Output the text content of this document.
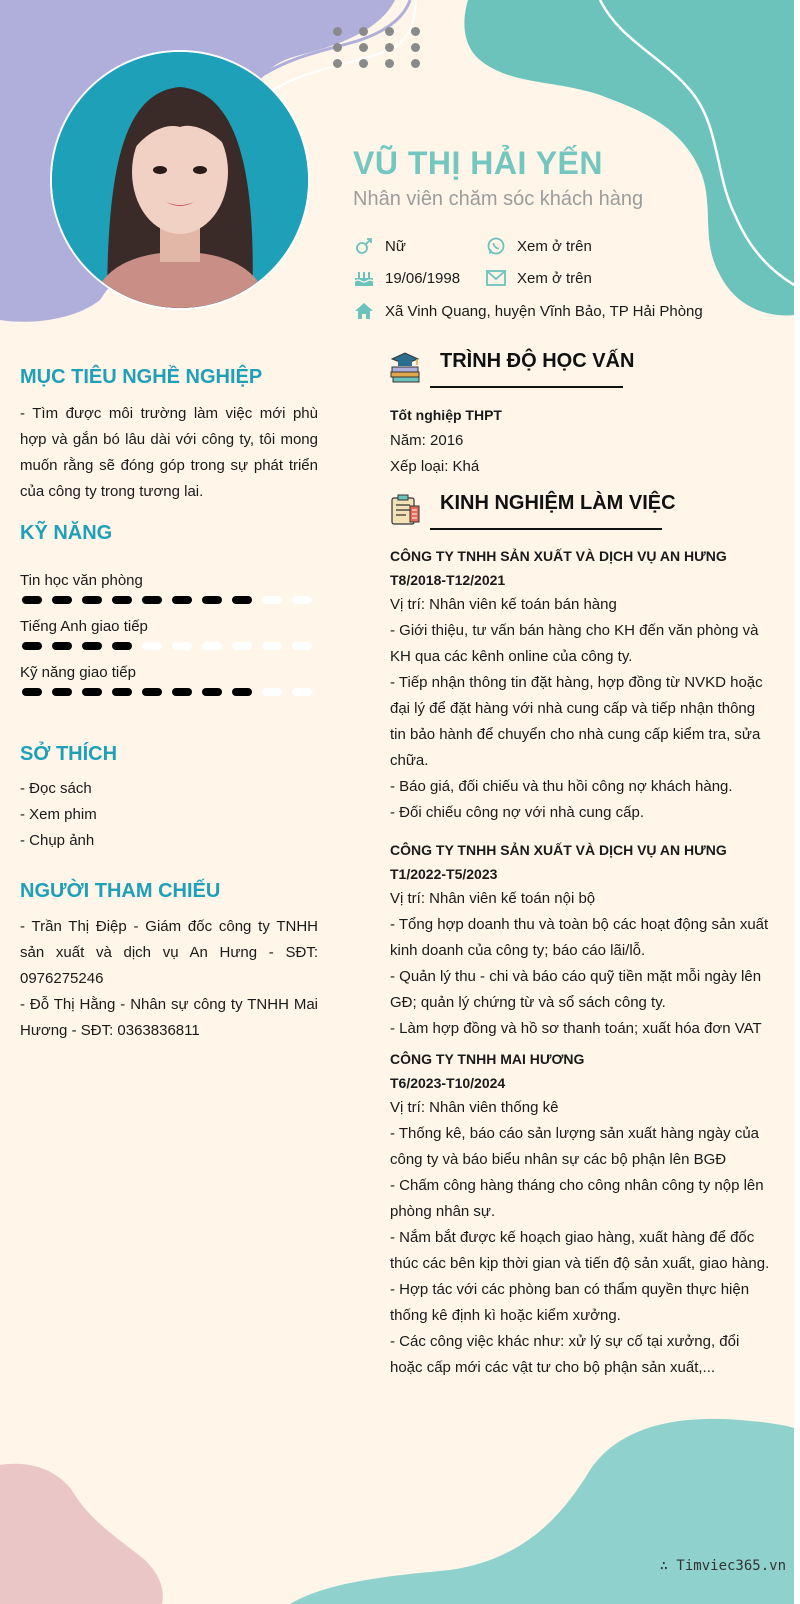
VŨ THỊ HẢI YẾN
Nhân viên chăm sóc khách hàng
Nữ	Xem ở trên
19/06/1998	Xem ở trên
Xã Vinh Quang, huyện Vĩnh Bảo, TP Hải Phòng
MỤC TIÊU NGHỀ NGHIỆP
- Tìm được môi trường làm việc mới phù hợp và gắn bó lâu dài với công ty, tôi mong muốn rằng sẽ đóng góp trong sự phát triển của công ty trong tương lai.
KỸ NĂNG
Tin học văn phòng
Tiếng Anh giao tiếp
Kỹ năng giao tiếp
SỞ THÍCH
- Đọc sách
- Xem phim
- Chụp ảnh
NGƯỜI THAM CHIẾU
- Trần Thị Điệp - Giám đốc công ty TNHH sản xuất và dịch vụ An Hưng - SĐT: 0976275246
- Đỗ Thị Hằng - Nhân sự công ty TNHH Mai Hương - SĐT: 0363836811
TRÌNH ĐỘ HỌC VẤN
Tốt nghiệp THPT
Năm: 2016
Xếp loại: Khá
KINH NGHIỆM LÀM VIỆC
CÔNG TY TNHH SẢN XUẤT VÀ DỊCH VỤ AN HƯNG
T8/2018-T12/2021
Vị trí: Nhân viên kế toán bán hàng
- Giới thiệu, tư vấn bán hàng cho KH đến văn phòng và KH qua các kênh online của công ty.
- Tiếp nhận thông tin đặt hàng, hợp đồng từ NVKD hoặc đại lý để đặt hàng với nhà cung cấp và tiếp nhận thông tin bảo hành để chuyển cho nhà cung cấp kiểm tra, sửa chữa.
- Báo giá, đối chiếu và thu hồi công nợ khách hàng.
- Đối chiếu công nợ với nhà cung cấp.
CÔNG TY TNHH SẢN XUẤT VÀ DỊCH VỤ AN HƯNG
T1/2022-T5/2023
Vị trí: Nhân viên kế toán nội bộ
- Tổng hợp doanh thu và toàn bộ các hoạt động sản xuất kinh doanh của công ty; báo cáo lãi/lỗ.
- Quản lý thu - chi và báo cáo quỹ tiền mặt mỗi ngày lên GĐ; quản lý chứng từ và sổ sách công ty.
- Làm hợp đồng và hồ sơ thanh toán; xuất hóa đơn VAT
CÔNG TY TNHH MAI HƯƠNG
T6/2023-T10/2024
Vị trí: Nhân viên thống kê
- Thống kê, báo cáo sản lượng sản xuất hàng ngày của công ty và báo biểu nhân sự các bộ phận lên BGĐ
- Chấm công hàng tháng cho công nhân công ty nộp lên phòng nhân sự.
- Nắm bắt được kế hoạch giao hàng, xuất hàng để đốc thúc các bên kịp thời gian và tiến độ sản xuất, giao hàng.
- Hợp tác với các phòng ban có thẩm quyền thực hiện thống kê định kì hoặc kiểm xưởng.
- Các công việc khác như: xử lý sự cố tại xưởng, đổi hoặc cấp mới các vật tư cho bộ phận sản xuất,...
∴ Timviec365.vn
